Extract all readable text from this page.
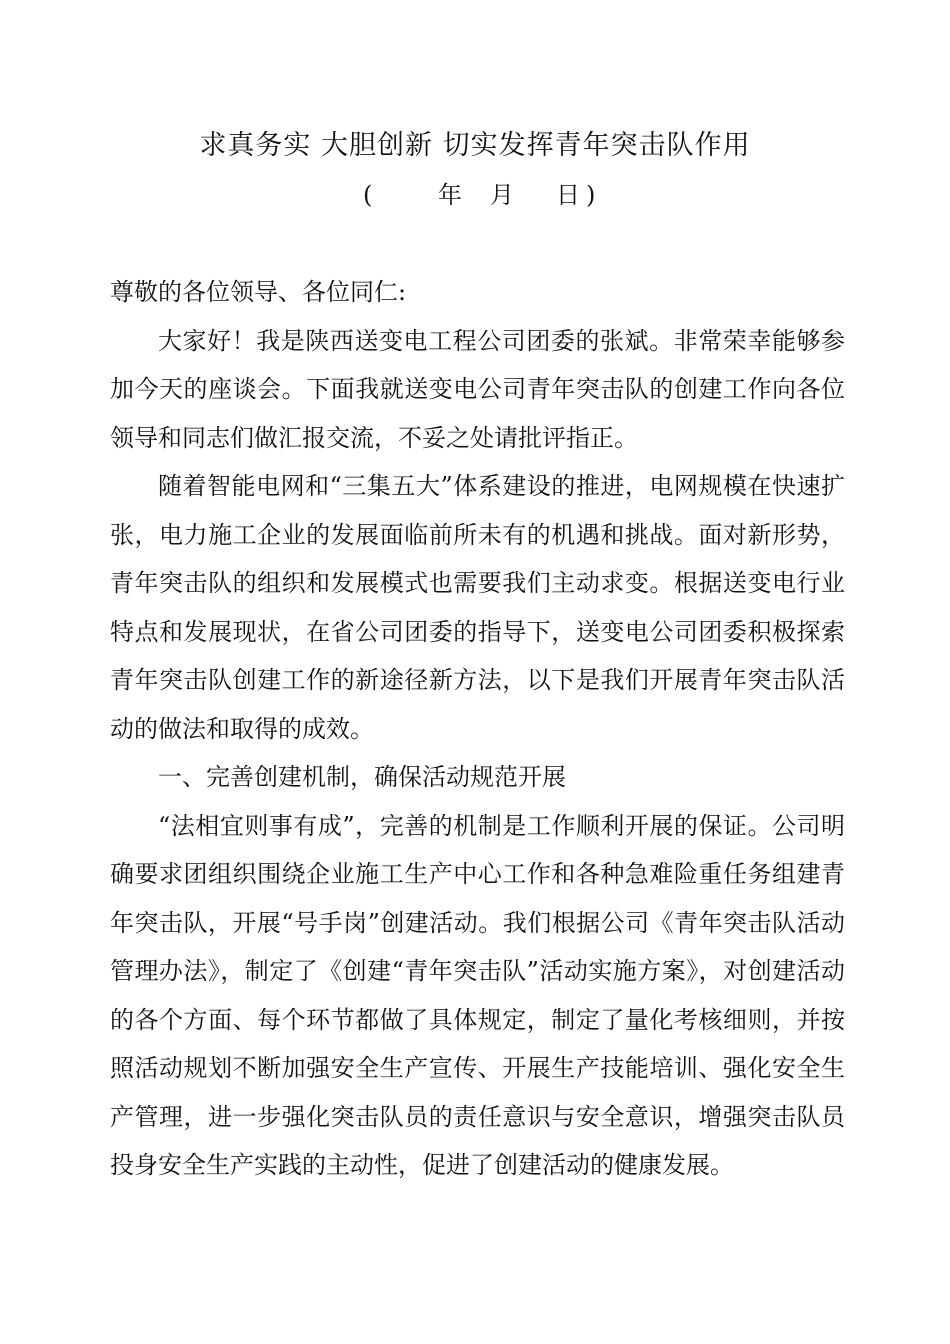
求真务实 大胆创新 切实发挥青年突击队作用
(	年 月 日 )

尊敬的各位领导、各位同仁:

大家好！我是陕西送变电工程公司团委的张斌。非常荣幸能够参加今天的座谈会。下面我就送变电公司青年突击队的创建工作向各位领导和同志们做汇报交流，不妥之处请批评指正。

随着智能电网和“三集五大”体系建设的推进，电网规模在快速扩张，电力施工企业的发展面临前所未有的机遇和挑战。面对新形势，青年突击队的组织和发展模式也需要我们主动求变。根据送变电行业特点和发展现状，在省公司团委的指导下，送变电公司团委积极探索青年突击队创建工作的新途径新方法，以下是我们开展青年突击队活动的做法和取得的成效。

一、完善创建机制，确保活动规范开展

“法相宜则事有成”，完善的机制是工作顺利开展的保证。公司明确要求团组织围绕企业施工生产中心工作和各种急难险重任务组建青年突击队，开展“号手岗”创建活动。我们根据公司《青年突击队活动管理办法》，制定了《创建“青年突击队”活动实施方案》，对创建活动的各个方面、每个环节都做了具体规定，制定了量化考核细则，并按照活动规划不断加强安全生产宣传、开展生产技能培训、强化安全生产管理，进一步强化突击队员的责任意识与安全意识，增强突击队员投身安全生产实践的主动性，促进了创建活动的健康发展。
